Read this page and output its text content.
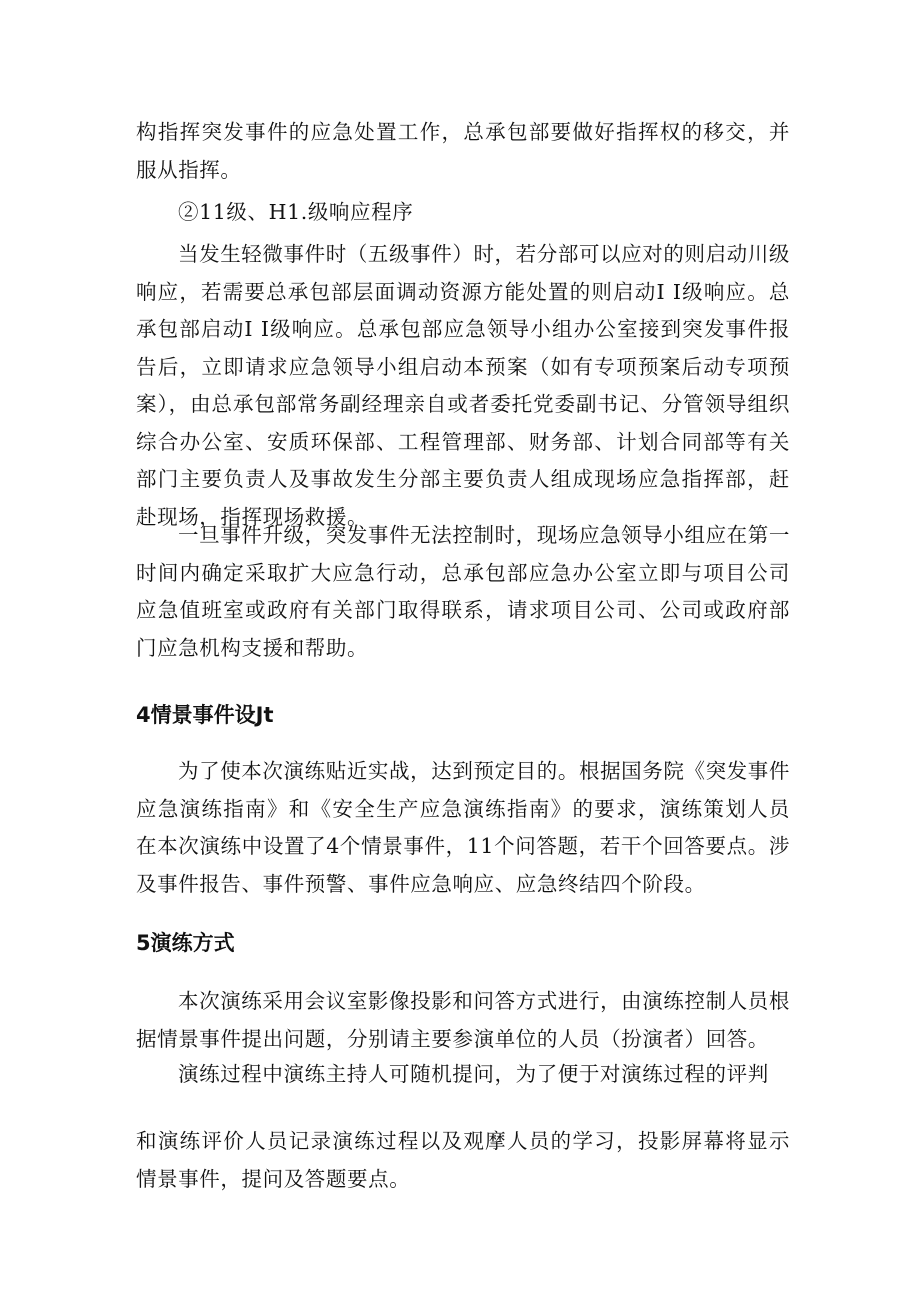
构指挥突发事件的应急处置工作，总承包部要做好指挥权的移交，并服从指挥。

②11级、H1.级响应程序

当发生轻微事件时（五级事件）时，若分部可以应对的则启动川级响应，若需要总承包部层面调动资源方能处置的则启动I I级响应。总承包部启动I I级响应。总承包部应急领导小组办公室接到突发事件报告后，立即请求应急领导小组启动本预案（如有专项预案后动专项预案），由总承包部常务副经理亲自或者委托党委副书记、分管领导组织综合办公室、安质环保部、工程管理部、财务部、计划合同部等有关部门主要负责人及事故发生分部主要负责人组成现场应急指挥部，赶赴现场，指挥现场救援。

一旦事件升级，突发事件无法控制时，现场应急领导小组应在第一时间内确定采取扩大应急行动，总承包部应急办公室立即与项目公司应急值班室或政府有关部门取得联系，请求项目公司、公司或政府部门应急机构支援和帮助。

4情景事件设Jt

为了使本次演练贴近实战，达到预定目的。根据国务院《突发事件应急演练指南》和《安全生产应急演练指南》的要求，演练策划人员在本次演练中设置了4个情景事件，11个问答题，若干个回答要点。涉及事件报告、事件预警、事件应急响应、应急终结四个阶段。

5演练方式

本次演练采用会议室影像投影和问答方式进行，由演练控制人员根据情景事件提出问题，分别请主要参演单位的人员（扮演者）回答。

演练过程中演练主持人可随机提问，为了便于对演练过程的评判

和演练评价人员记录演练过程以及观摩人员的学习，投影屏幕将显示情景事件，提问及答题要点。
